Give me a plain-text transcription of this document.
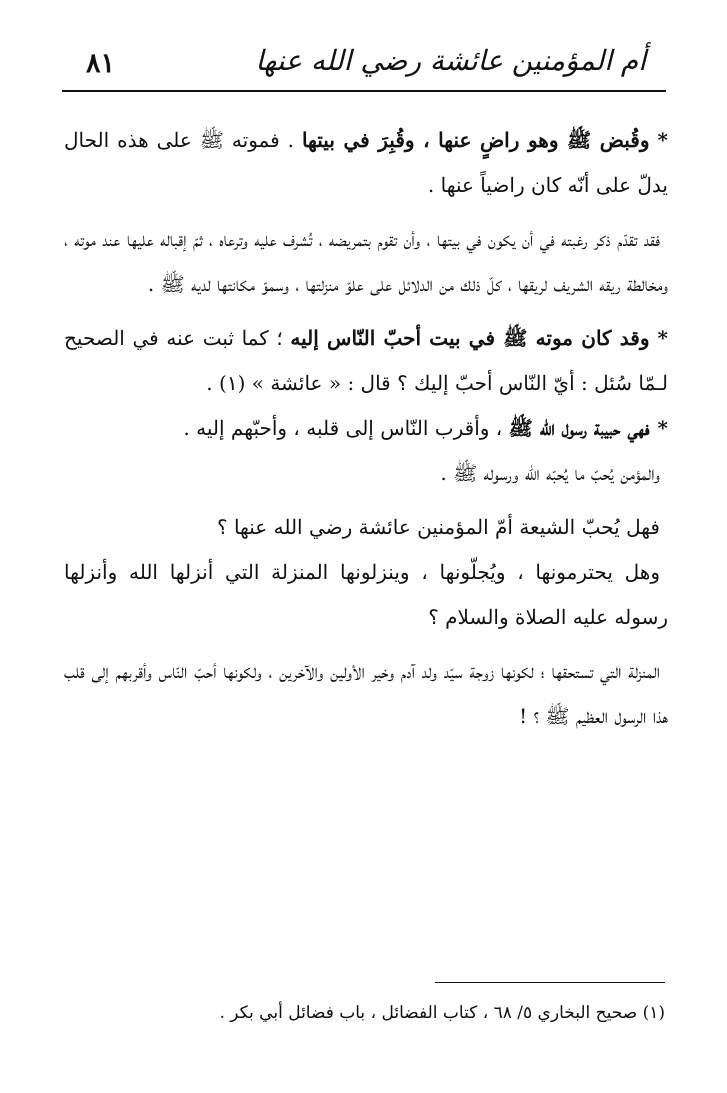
٨١	أم المؤمنين عائشة رضي الله عنها

*وقُبض ﷺ وهو راضٍ عنها ، وقُبِرَ في بيتها . فموته ﷺ على هذه الحال يدلّ على أنّه كان راضياً عنها .

فقد تقدّم ذكر رغبته في أن يكون في بيتها ، وأن تقوم بتمريضه ، تُشرف عليه وترعاه ، ثمّ إقباله عليها عند موته ، ومخالطة ريقه الشريف لريقها ، كلّ ذلك من الدلائل على علوّ منزلتها ، وسموّ مكانتها لديه ﷺ .

*وقد كان موته ﷺ في بيت أحبّ النّاس إليه ؛ كما ثبت عنه في الصحيح لـمّا سُئل : أيّ النّاس أحبّ إليك ؟ قال : « عائشة » (١) .

*فهي حبيبة رسول الله ﷺ ، وأقرب النّاس إلى قلبه ، وأحبّهم إليه .

والمؤمن يُحبّ ما يُحبّه الله ورسوله ﷺ .

فهل يُحبّ الشيعة أمّ المؤمنين عائشة رضي الله عنها ؟

وهل يحترمونها ، ويُجلّونها ، وينزلونها المنزلة التي أنزلها الله وأنزلها رسوله عليه الصلاة والسلام ؟

المنزلة التي تستحقها ؛ لكونها زوجة سيّد ولد آدم وخير الأولين والآخرين ، ولكونها أحبّ النّاس وأقربهم إلى قلب هذا الرسول العظيم ﷺ ؟ !

(١) صحيح البخاري ٥/ ٦٨ ، كتاب الفضائل ، باب فضائل أبي بكر .
